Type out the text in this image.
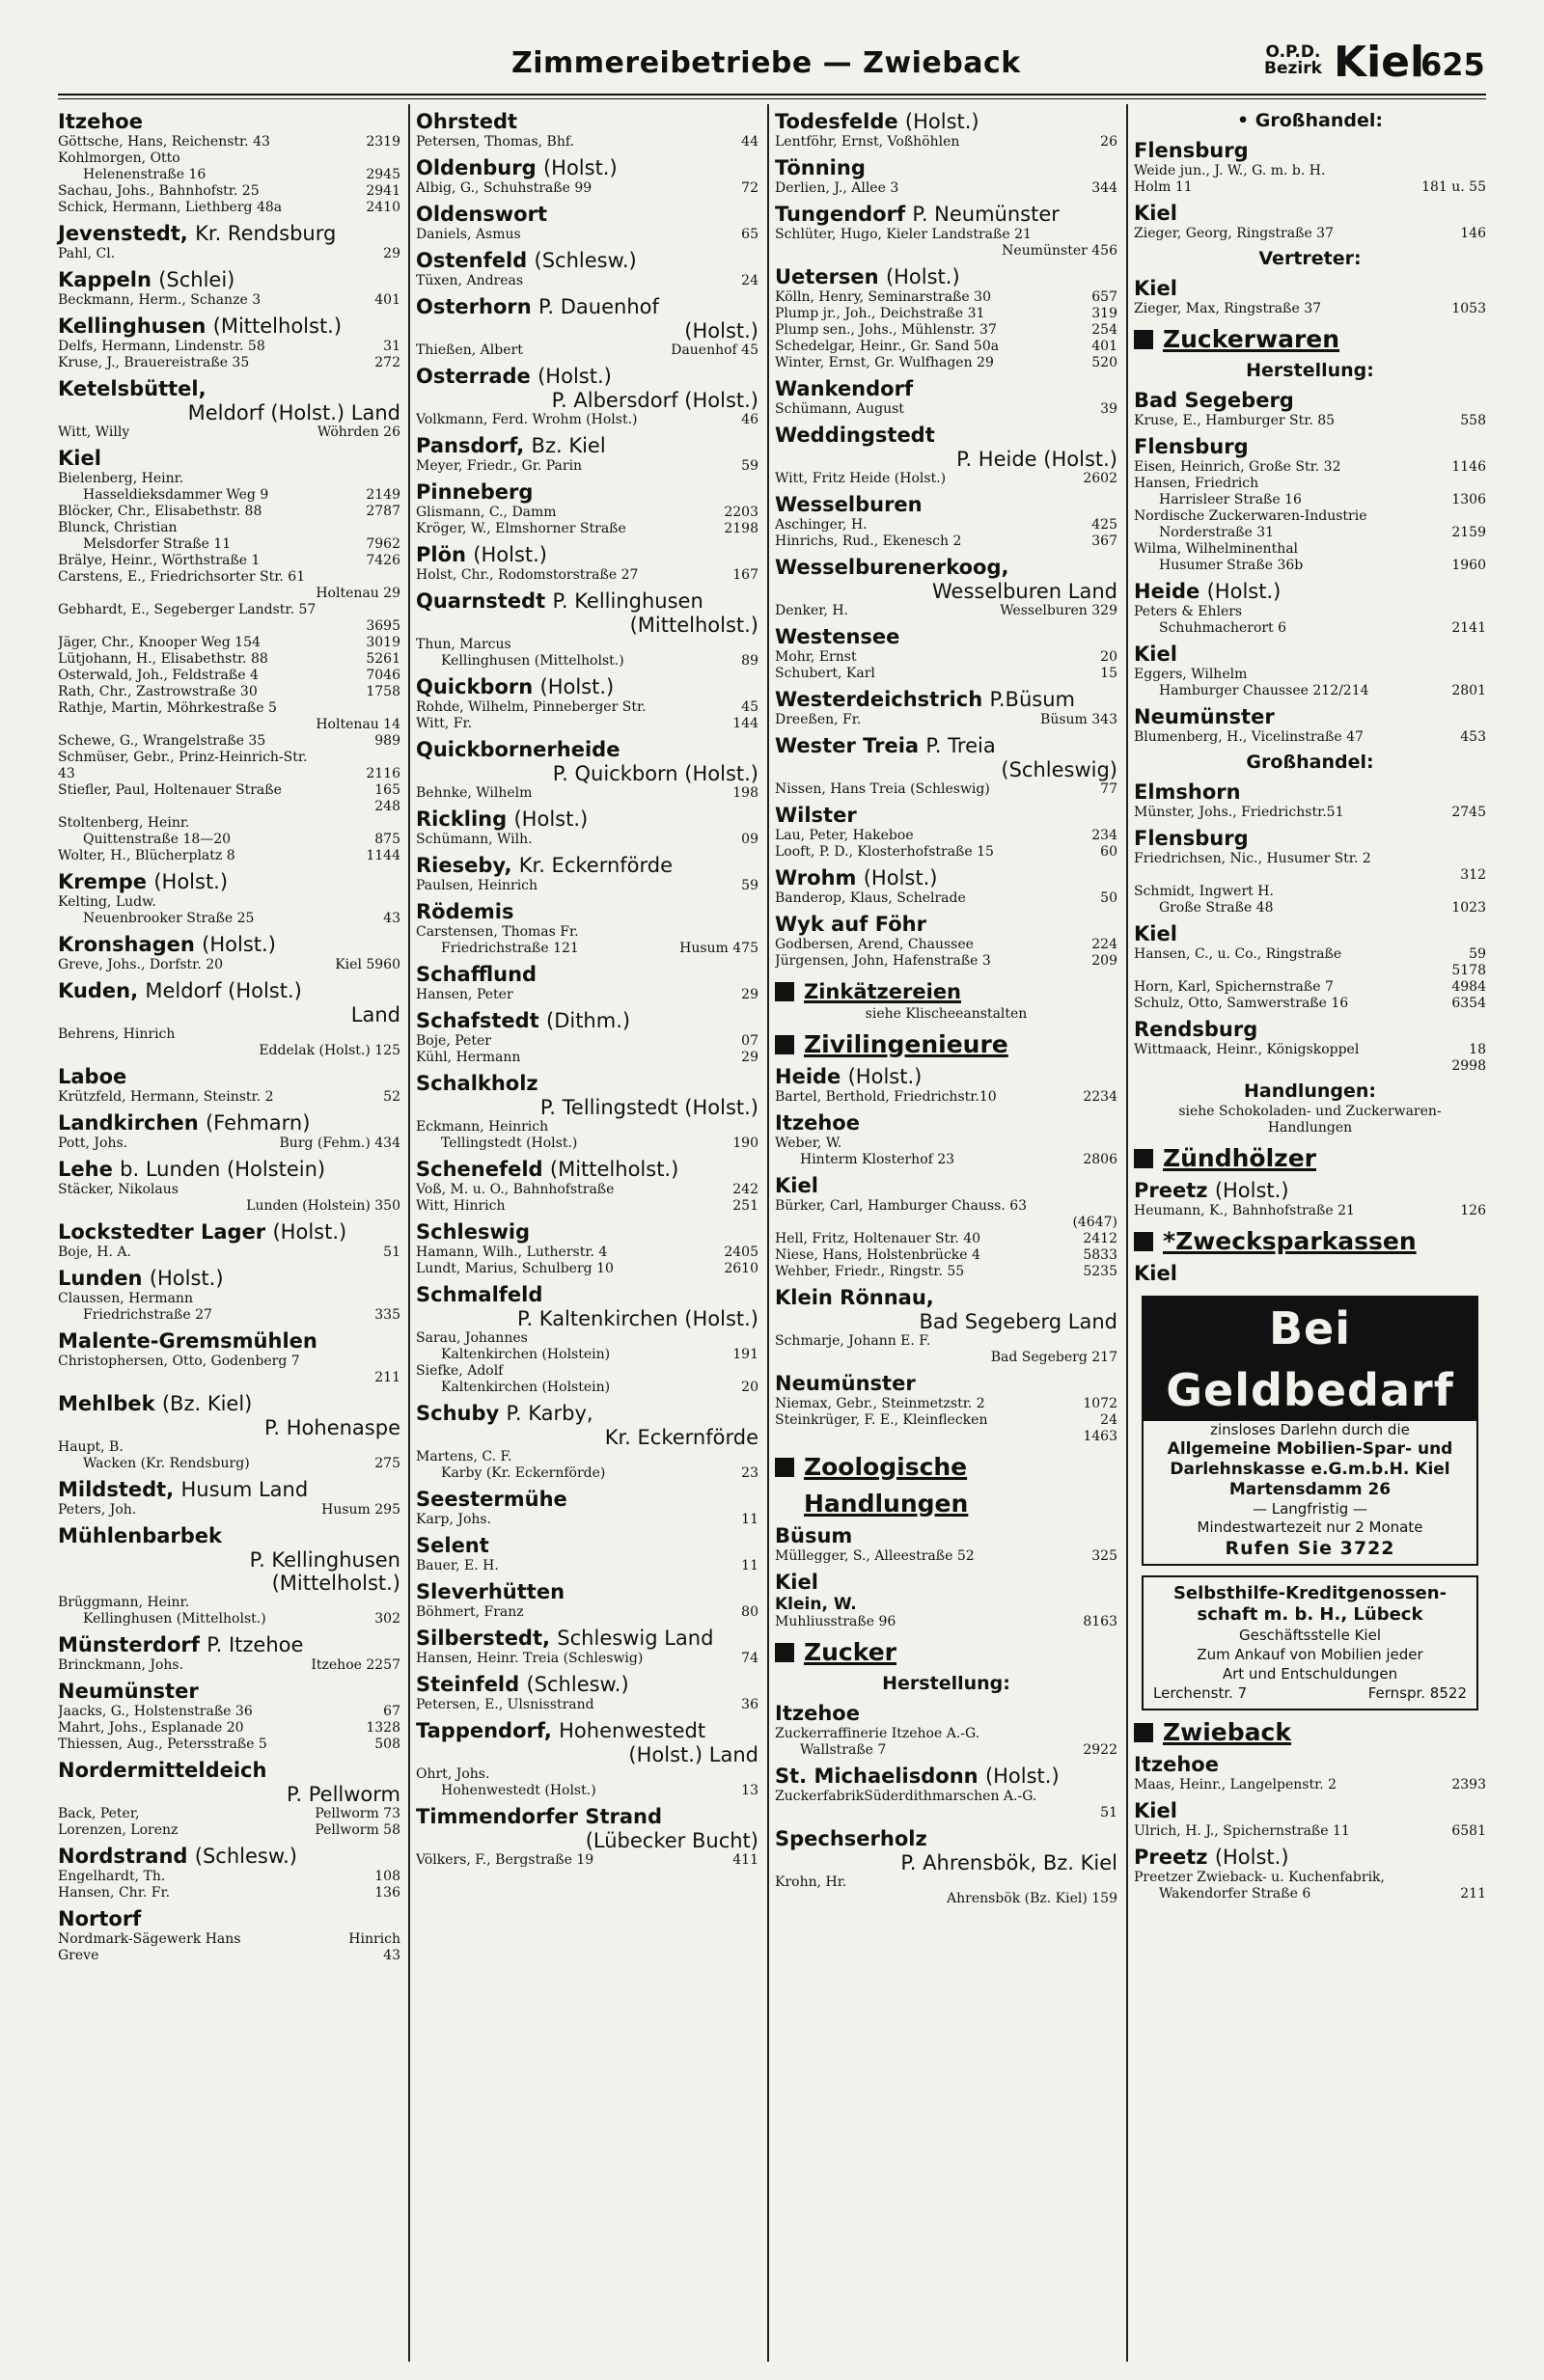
Zimmereibetriebe — Zwieback	O.P.D.
Bezirk Kiel
625
Itzehoe
Göttsche, Hans, Reichenstr. 43	2319
Kohlmorgen, Otto
Helenenstraße 16	2945
Sachau, Johs., Bahnhofstr. 25	2941
Schick, Hermann, Liethberg 48a	2410
Jevenstedt, Kr. Rendsburg
Pahl, Cl.	29
Kappeln (Schlei)
Beckmann, Herm., Schanze 3	401
Kellinghusen (Mittelholst.)
Delfs, Hermann, Lindenstr. 58	31
Kruse, J., Brauereistraße 35	272
Ketelsbüttel,
Meldorf (Holst.) Land
Witt, Willy	Wöhrden 26
Kiel
Bielenberg, Heinr.
Hasseldieksdammer Weg 9	2149
Blöcker, Chr., Elisabethstr. 88	2787
Blunck, Christian
Melsdorfer Straße 11	7962
Brälye, Heinr., Wörthstraße 1	7426
Carstens, E., Friedrichsorter Str. 61
Holtenau 29
Gebhardt, E., Segeberger Landstr. 57
3695
Jäger, Chr., Knooper Weg 154	3019
Lütjohann, H., Elisabethstr. 88	5261
Osterwald, Joh., Feldstraße 4	7046
Rath, Chr., Zastrowstraße 30	1758
Rathje, Martin, Möhrkestraße 5
Holtenau 14
Schewe, G., Wrangelstraße 35	989
Schmüser, Gebr., Prinz-Heinrich-Str.
43	2116
Stiefler, Paul, Holtenauer Straße	165
248
Stoltenberg, Heinr.
Quittenstraße 18—20	875
Wolter, H., Blücherplatz 8	1144
Krempe (Holst.)
Kelting, Ludw.
Neuenbrooker Straße 25	43
Kronshagen (Holst.)
Greve, Johs., Dorfstr. 20	Kiel 5960
Kuden, Meldorf (Holst.)
Land
Behrens, Hinrich
Eddelak (Holst.) 125
Laboe
Krützfeld, Hermann, Steinstr. 2	52
Landkirchen (Fehmarn)
Pott, Johs.	Burg (Fehm.) 434
Lehe b. Lunden (Holstein)
Stäcker, Nikolaus
Lunden (Holstein) 350
Lockstedter Lager (Holst.)
Boje, H. A.	51
Lunden (Holst.)
Claussen, Hermann
Friedrichstraße 27	335
Malente-Gremsmühlen
Christophersen, Otto, Godenberg 7
211
Mehlbek (Bz. Kiel)
P. Hohenaspe
Haupt, B.
Wacken (Kr. Rendsburg)	275
Mildstedt, Husum Land
Peters, Joh.	Husum 295
Mühlenbarbek
P. Kellinghusen
(Mittelholst.)
Brüggmann, Heinr.
Kellinghusen (Mittelholst.)	302
Münsterdorf P. Itzehoe
Brinckmann, Johs.	Itzehoe 2257
Neumünster
Jaacks, G., Holstenstraße 36	67
Mahrt, Johs., Esplanade 20	1328
Thiessen, Aug., Petersstraße 5	508
Nordermitteldeich
P. Pellworm
Back, Peter,	Pellworm 73
Lorenzen, Lorenz	Pellworm 58
Nordstrand (Schlesw.)
Engelhardt, Th.	108
Hansen, Chr. Fr.	136
Nortorf
Nordmark-Sägewerk Hans	Hinrich
Greve	43
Ohrstedt
Petersen, Thomas, Bhf.	44
Oldenburg (Holst.)
Albig, G., Schuhstraße 99	72
Oldenswort
Daniels, Asmus	65
Ostenfeld (Schlesw.)
Tüxen, Andreas	24
Osterhorn P. Dauenhof
(Holst.)
Thießen, Albert	Dauenhof 45
Osterrade (Holst.)
P. Albersdorf (Holst.)
Volkmann, Ferd. Wrohm (Holst.)	46
Pansdorf, Bz. Kiel
Meyer, Friedr., Gr. Parin	59
Pinneberg
Glismann, C., Damm	2203
Kröger, W., Elmshorner Straße	2198
Plön (Holst.)
Holst, Chr., Rodomstorstraße 27	167
Quarnstedt P. Kellinghusen
(Mittelholst.)
Thun, Marcus
Kellinghusen (Mittelholst.)	89
Quickborn (Holst.)
Rohde, Wilhelm, Pinneberger Str.	45
Witt, Fr.	144
Quickbornerheide
P. Quickborn (Holst.)
Behnke, Wilhelm	198
Rickling (Holst.)
Schümann, Wilh.	09
Rieseby, Kr. Eckernförde
Paulsen, Heinrich	59
Rödemis
Carstensen, Thomas Fr.
Friedrichstraße 121	Husum 475
Schafflund
Hansen, Peter	29
Schafstedt (Dithm.)
Boje, Peter	07
Kühl, Hermann	29
Schalkholz
P. Tellingstedt (Holst.)
Eckmann, Heinrich
Tellingstedt (Holst.)	190
Schenefeld (Mittelholst.)
Voß, M. u. O., Bahnhofstraße	242
Witt, Hinrich	251
Schleswig
Hamann, Wilh., Lutherstr. 4	2405
Lundt, Marius, Schulberg 10	2610
Schmalfeld
P. Kaltenkirchen (Holst.)
Sarau, Johannes
Kaltenkirchen (Holstein)	191
Siefke, Adolf
Kaltenkirchen (Holstein)	20
Schuby P. Karby,
Kr. Eckernförde
Martens, C. F.
Karby (Kr. Eckernförde)	23
Seestermühe
Karp, Johs.	11
Selent
Bauer, E. H.	11
Sleverhütten
Böhmert, Franz	80
Silberstedt, Schleswig Land
Hansen, Heinr. Treia (Schleswig)	74
Steinfeld (Schlesw.)
Petersen, E., Ulsnisstrand	36
Tappendorf, Hohenwestedt
(Holst.) Land
Ohrt, Johs.
Hohenwestedt (Holst.)	13
Timmendorfer Strand
(Lübecker Bucht)
Völkers, F., Bergstraße 19	411
Todesfelde (Holst.)
Lentföhr, Ernst, Voßhöhlen	26
Tönning
Derlien, J., Allee 3	344
Tungendorf P. Neumünster
Schlüter, Hugo, Kieler Landstraße 21
Neumünster 456
Uetersen (Holst.)
Kölln, Henry, Seminarstraße 30	657
Plump jr., Joh., Deichstraße 31	319
Plump sen., Johs., Mühlenstr. 37	254
Schedelgar, Heinr., Gr. Sand 50a	401
Winter, Ernst, Gr. Wulfhagen 29	520
Wankendorf
Schümann, August	39
Weddingstedt
P. Heide (Holst.)
Witt, Fritz Heide (Holst.)	2602
Wesselburen
Aschinger, H.	425
Hinrichs, Rud., Ekenesch 2	367
Wesselburenerkoog,
Wesselburen Land
Denker, H.	Wesselburen 329
Westensee
Mohr, Ernst	20
Schubert, Karl	15
Westerdeichstrich P.Büsum
Dreeßen, Fr.	Büsum 343
Wester Treia P. Treia
(Schleswig)
Nissen, Hans Treia (Schleswig)	77
Wilster
Lau, Peter, Hakeboe	234
Looft, P. D., Klosterhofstraße 15	60
Wrohm (Holst.)
Banderop, Klaus, Schelrade	50
Wyk auf Föhr
Godbersen, Arend, Chaussee	224
Jürgensen, John, Hafenstraße 3	209
Zinkätzereien
siehe Klischeeanstalten
Zivilingenieure
Heide (Holst.)
Bartel, Berthold, Friedrichstr.10	2234
Itzehoe
Weber, W.
Hinterm Klosterhof 23	2806
Kiel
Bürker, Carl, Hamburger Chauss. 63
(4647)
Hell, Fritz, Holtenauer Str. 40	2412
Niese, Hans, Holstenbrücke 4	5833
Wehber, Friedr., Ringstr. 55	5235
Klein Rönnau,
Bad Segeberg Land
Schmarje, Johann E. F.
Bad Segeberg 217
Neumünster
Niemax, Gebr., Steinmetzstr. 2	1072
Steinkrüger, F. E., Kleinflecken	24
1463
Zoologische
Handlungen
Büsum
Müllegger, S., Alleestraße 52	325
Kiel
Klein, W.
Muhliusstraße 96	8163
Zucker
Herstellung:
Itzehoe
Zuckerraffinerie Itzehoe A.-G.
Wallstraße 7	2922
St. Michaelisdonn (Holst.)
ZuckerfabrikSüderdithmarschen A.-G.
51
Spechserholz
P. Ahrensbök, Bz. Kiel
Krohn, Hr.
Ahrensbök (Bz. Kiel) 159
• Großhandel:
Flensburg
Weide jun., J. W., G. m. b. H.
Holm 11	181 u. 55
Kiel
Zieger, Georg, Ringstraße 37	146
Vertreter:
Kiel
Zieger, Max, Ringstraße 37	1053
Zuckerwaren
Herstellung:
Bad Segeberg
Kruse, E., Hamburger Str. 85	558
Flensburg
Eisen, Heinrich, Große Str. 32	1146
Hansen, Friedrich
Harrisleer Straße 16	1306
Nordische Zuckerwaren-Industrie
Norderstraße 31	2159
Wilma, Wilhelminenthal
Husumer Straße 36b	1960
Heide (Holst.)
Peters & Ehlers
Schuhmacherort 6	2141
Kiel
Eggers, Wilhelm
Hamburger Chaussee 212/214	2801
Neumünster
Blumenberg, H., Vicelinstraße 47	453
Großhandel:
Elmshorn
Münster, Johs., Friedrichstr.51	2745
Flensburg
Friedrichsen, Nic., Husumer Str. 2
312
Schmidt, Ingwert H.
Große Straße 48	1023
Kiel
Hansen, C., u. Co., Ringstraße	59
5178
Horn, Karl, Spichernstraße 7	4984
Schulz, Otto, Samwerstraße 16	6354
Rendsburg
Wittmaack, Heinr., Königskoppel	18
2998
Handlungen:
siehe Schokoladen- und Zuckerwaren-
Handlungen
Zündhölzer
Preetz (Holst.)
Heumann, K., Bahnhofstraße 21	126
*Zwecksparkassen
Kiel
Bei Geldbedarf
zinsloses Darlehn durch die
Allgemeine Mobilien-Spar- und
Darlehnskasse e.G.m.b.H. Kiel
Martensdamm 26
— Langfristig —
Mindestwartezeit nur 2 Monate
Rufen Sie 3722
Selbsthilfe-Kreditgenossen-
schaft m. b. H., Lübeck
Geschäftsstelle Kiel
Zum Ankauf von Mobilien jeder
Art und Entschuldungen
Lerchenstr. 7	Fernspr. 8522
Zwieback
Itzehoe
Maas, Heinr., Langelpenstr. 2	2393
Kiel
Ulrich, H. J., Spichernstraße 11	6581
Preetz (Holst.)
Preetzer Zwieback- u. Kuchenfabrik,
Wakendorfer Straße 6	211
